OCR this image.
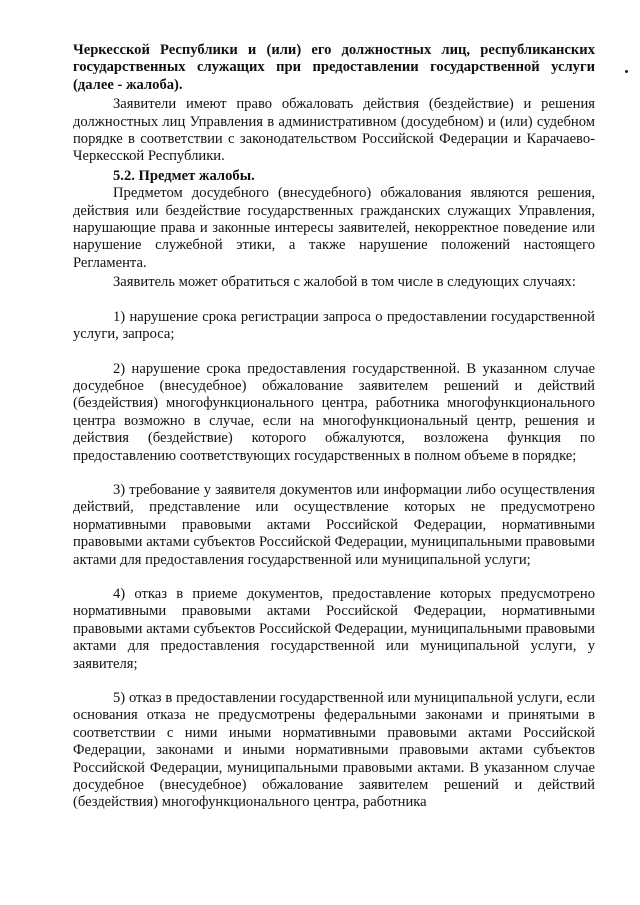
Черкесской Республики и (или) его должностных лиц, республиканских государственных служащих при предоставлении государственной услуги (далее - жалоба).

Заявители имеют право обжаловать действия (бездействие) и решения должностных лиц Управления в административном (досудебном) и (или) судебном порядке в соответствии с законодательством Российской Федерации и Карачаево-Черкесской Республики.

5.2. Предмет жалобы.

Предметом досудебного (внесудебного) обжалования являются решения, действия или бездействие государственных гражданских служащих Управления, нарушающие права и законные интересы заявителей, некорректное поведение или нарушение служебной этики, а также нарушение положений настоящего Регламента.

Заявитель может обратиться с жалобой в том числе в следующих случаях:

1) нарушение срока регистрации запроса о предоставлении государственной услуги, запроса;

2) нарушение срока предоставления государственной. В указанном случае досудебное (внесудебное) обжалование заявителем решений и действий (бездействия) многофункционального центра, работника многофункционального центра возможно в случае, если на многофункциональный центр, решения и действия (бездействие) которого обжалуются, возложена функция по предоставлению соответствующих государственных в полном объеме в порядке;

3) требование у заявителя документов или информации либо осуществления действий, представление или осуществление которых не предусмотрено нормативными правовыми актами Российской Федерации, нормативными правовыми актами субъектов Российской Федерации, муниципальными правовыми актами для предоставления государственной или муниципальной услуги;

4) отказ в приеме документов, предоставление которых предусмотрено нормативными правовыми актами Российской Федерации, нормативными правовыми актами субъектов Российской Федерации, муниципальными правовыми актами для предоставления государственной или муниципальной услуги, у заявителя;

5) отказ в предоставлении государственной или муниципальной услуги, если основания отказа не предусмотрены федеральными законами и принятыми в соответствии с ними иными нормативными правовыми актами Российской Федерации, законами и иными нормативными правовыми актами субъектов Российской Федерации, муниципальными правовыми актами. В указанном случае досудебное (внесудебное) обжалование заявителем решений и действий (бездействия) многофункционального центра, работника
